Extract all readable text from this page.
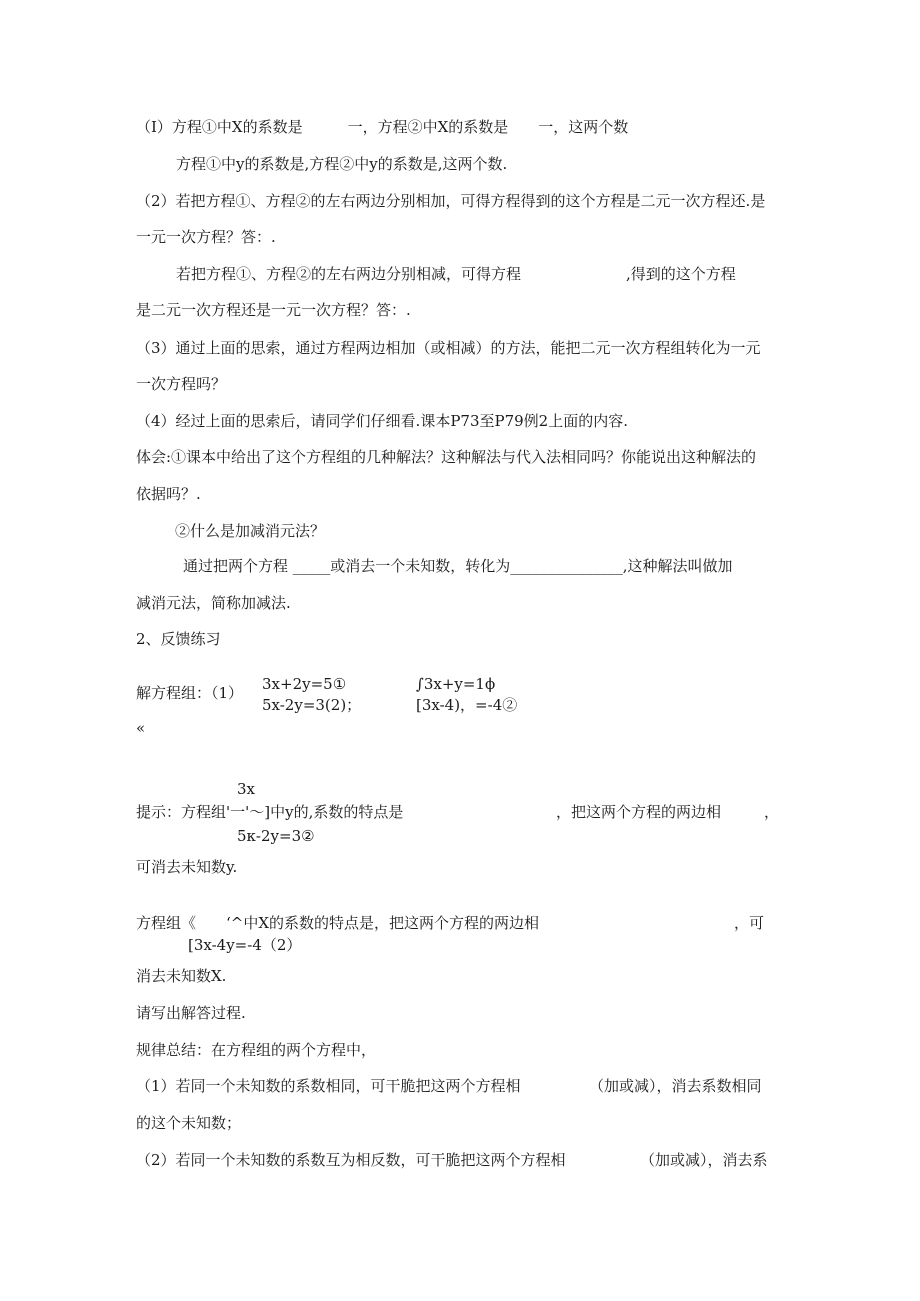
（I）方程①中X的系数是　　　一，方程②中X的系数是　　一，这两个数
方程①中y的系数是,方程②中y的系数是,这两个数.
（2）若把方程①、方程②的左右两边分别相加，可得方程得到的这个方程是二元一次方程还.是
一元一次方程？答：.
若把方程①、方程②的左右两边分别相减，可得方程　　　　　　　,得到的这个方程
是二元一次方程还是一元一次方程？答：.
（3）通过上面的思索，通过方程两边相加（或相减）的方法，能把二元一次方程组转化为一元
一次方程吗？
（4）经过上面的思索后，请同学们仔细看.课本P73至P79例2上面的内容.
体会:①课本中给出了这个方程组的几种解法？这种解法与代入法相同吗？你能说出这种解法的
依据吗？.
②什么是加减消元法？
通过把两个方程 _____或消去一个未知数，转化为_______________,这种解法叫做加
减消元法，简称加减法.
2、反馈练习
解方程组：（1） 3x+2y=5①	∫3x+y=1ϕ
5x-2y=3(2)；	[3x-4)，=-4②
«
3x
提示：方程组'一'～]中y的,系数的特点是	，把这两个方程的两边相	，
5κ-2y=3②
可消去未知数y.
方程组《　　‘^中X的系数的特点是，把这两个方程的两边相	，可
[3x-4y=-4（2）
消去未知数X.
请写出解答过程.
规律总结：在方程组的两个方程中，
（1）若同一个未知数的系数相同，可干脆把这两个方程相	（加或减），消去系数相同
的这个未知数；
（2）若同一个未知数的系数互为相反数，可干脆把这两个方程相	（加或减），消去系
